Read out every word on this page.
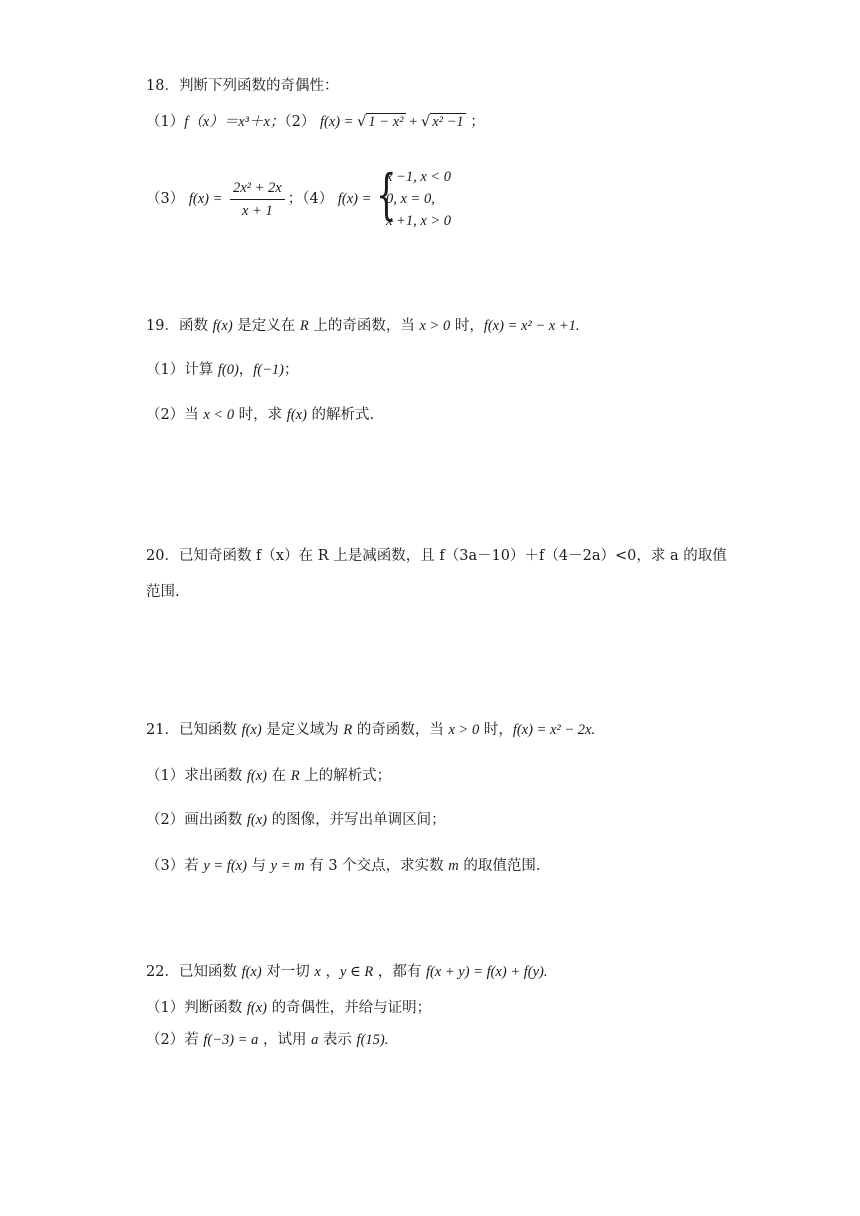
18．判断下列函数的奇偶性：
（1）f（x）＝x³＋x；（2） f(x) = √ 1 − x² + √ x² −1 ；
（3） $f(x) = \frac{\text{2x² + 2x}}{x + 1}$ ；（4） f(x) = {
x −1, x < 0
0, x = 0,
x +1, x > 0
19．函数 f(x) 是定义在 R 上的奇函数，当 x > 0 时，f(x) = x² − x +1.
（1）计算 f(0)，f(−1)；
（2）当 x < 0 时，求 f(x) 的解析式.
20．已知奇函数 f（x）在 R 上是减函数，且 f（3a－10）＋f（4－2a）<0，求 a 的取值
范围.
21．已知函数 f(x) 是定义域为 R 的奇函数，当 x > 0 时，f(x) = x² − 2x.
（1）求出函数 f(x) 在 R 上的解析式；
（2）画出函数 f(x) 的图像，并写出单调区间；
（3）若 y = f(x) 与 y = m 有 3 个交点，求实数 m 的取值范围.
22．已知函数 f(x) 对一切 x ，y ∈ R ，都有 f(x + y) = f(x) + f(y).
（1）判断函数 f(x) 的奇偶性，并给与证明；
（2）若 f(−3) = a ，试用 a 表示 f(15).
